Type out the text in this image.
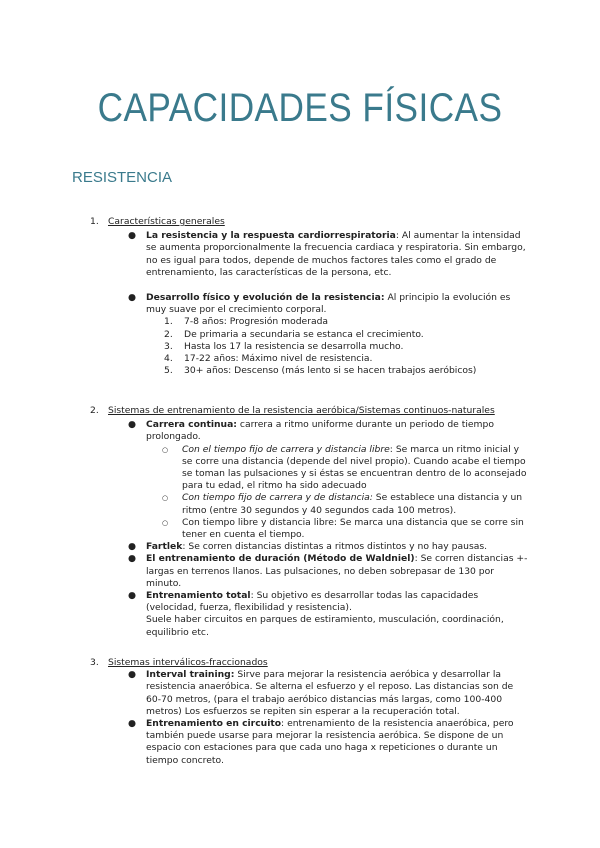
CAPACIDADES FÍSICAS
RESISTENCIA
1.	Características generales
● La resistencia y la respuesta cardiorrespiratoria: Al aumentar la intensidad se aumenta proporcionalmente la frecuencia cardiaca y respiratoria. Sin embargo, no es igual para todos, depende de muchos factores tales como el grado de entrenamiento, las características de la persona, etc.
● Desarrollo físico y evolución de la resistencia: Al principio la evolución es muy suave por el crecimiento corporal.
1. 7-8 años: Progresión moderada
2. De primaria a secundaria se estanca el crecimiento.
3. Hasta los 17 la resistencia se desarrolla mucho.
4. 17-22 años: Máximo nivel de resistencia.
5. 30+ años: Descenso (más lento si se hacen trabajos aeróbicos)
2.	Sistemas de entrenamiento de la resistencia aeróbica/Sistemas continuos-naturales
● Carrera continua: carrera a ritmo uniforme durante un periodo de tiempo prolongado.
○ Con el tiempo fijo de carrera y distancia libre: Se marca un ritmo inicial y se corre una distancia (depende del nivel propio). Cuando acabe el tiempo se toman las pulsaciones y si éstas se encuentran dentro de lo aconsejado para tu edad, el ritmo ha sido adecuado
○ Con tiempo fijo de carrera y de distancia: Se establece una distancia y un ritmo (entre 30 segundos y 40 segundos cada 100 metros).
○ Con tiempo libre y distancia libre: Se marca una distancia que se corre sin tener en cuenta el tiempo.
● Fartlek: Se corren distancias distintas a ritmos distintos y no hay pausas.
● El entrenamiento de duración (Método de Waldniel): Se corren distancias +-largas en terrenos llanos. Las pulsaciones, no deben sobrepasar de 130 por minuto.
● Entrenamiento total: Su objetivo es desarrollar todas las capacidades (velocidad, fuerza, flexibilidad y resistencia).
Suele haber circuitos en parques de estiramiento, musculación, coordinación, equilibrio etc.
3.	Sistemas interválicos-fraccionados
● Interval training: Sirve para mejorar la resistencia aeróbica y desarrollar la resistencia anaeróbica. Se alterna el esfuerzo y el reposo. Las distancias son de 60-70 metros, (para el trabajo aeróbico distancias más largas, como 100-400 metros) Los esfuerzos se repiten sin esperar a la recuperación total.
● Entrenamiento en circuito: entrenamiento de la resistencia anaeróbica, pero también puede usarse para mejorar la resistencia aeróbica. Se dispone de un espacio con estaciones para que cada uno haga x repeticiones o durante un tiempo concreto.
